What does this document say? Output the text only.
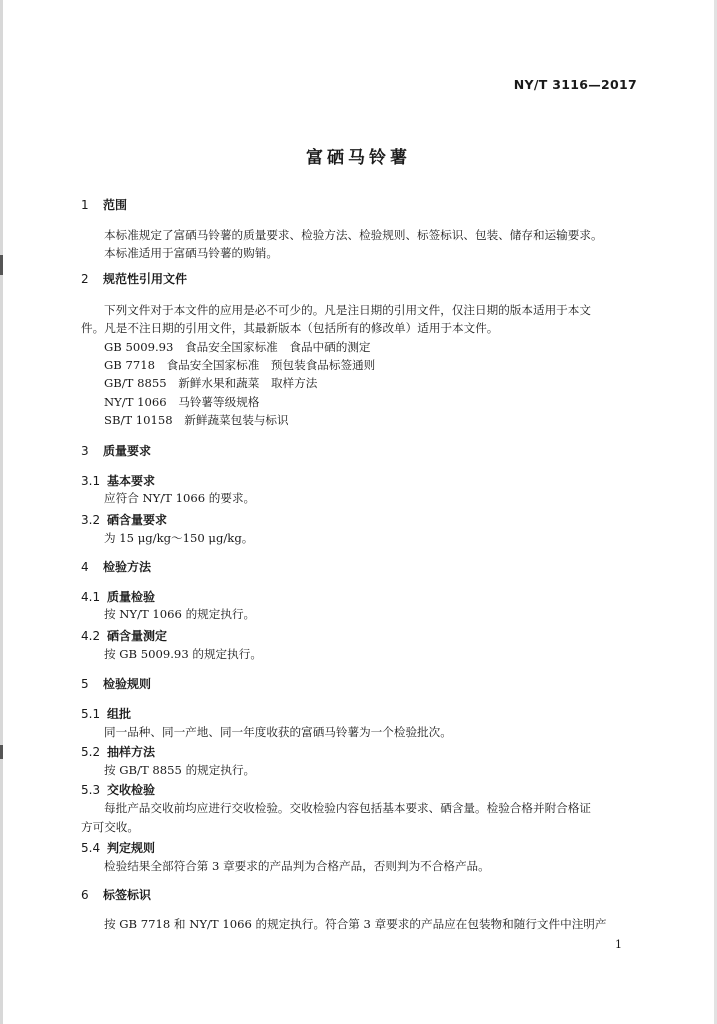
NY/T 3116—2017
富硒马铃薯
1 范围
本标准规定了富硒马铃薯的质量要求、检验方法、检验规则、标签标识、包装、储存和运输要求。
本标准适用于富硒马铃薯的购销。
2 规范性引用文件
下列文件对于本文件的应用是必不可少的。凡是注日期的引用文件，仅注日期的版本适用于本文
件。凡是不注日期的引用文件，其最新版本（包括所有的修改单）适用于本文件。
GB 5009.93　食品安全国家标准　食品中硒的测定
GB 7718　食品安全国家标准　预包装食品标签通则
GB/T 8855　新鲜水果和蔬菜　取样方法
NY/T 1066　马铃薯等级规格
SB/T 10158　新鲜蔬菜包装与标识
3 质量要求
3.1 基本要求
应符合 NY/T 1066 的要求。
3.2 硒含量要求
为 15 μg/kg～150 μg/kg。
4 检验方法
4.1 质量检验
按 NY/T 1066 的规定执行。
4.2 硒含量测定
按 GB 5009.93 的规定执行。
5 检验规则
5.1 组批
同一品种、同一产地、同一年度收获的富硒马铃薯为一个检验批次。
5.2 抽样方法
按 GB/T 8855 的规定执行。
5.3 交收检验
每批产品交收前均应进行交收检验。交收检验内容包括基本要求、硒含量。检验合格并附合格证
方可交收。
5.4 判定规则
检验结果全部符合第 3 章要求的产品判为合格产品，否则判为不合格产品。
6 标签标识
按 GB 7718 和 NY/T 1066 的规定执行。符合第 3 章要求的产品应在包装物和随行文件中注明产
1
